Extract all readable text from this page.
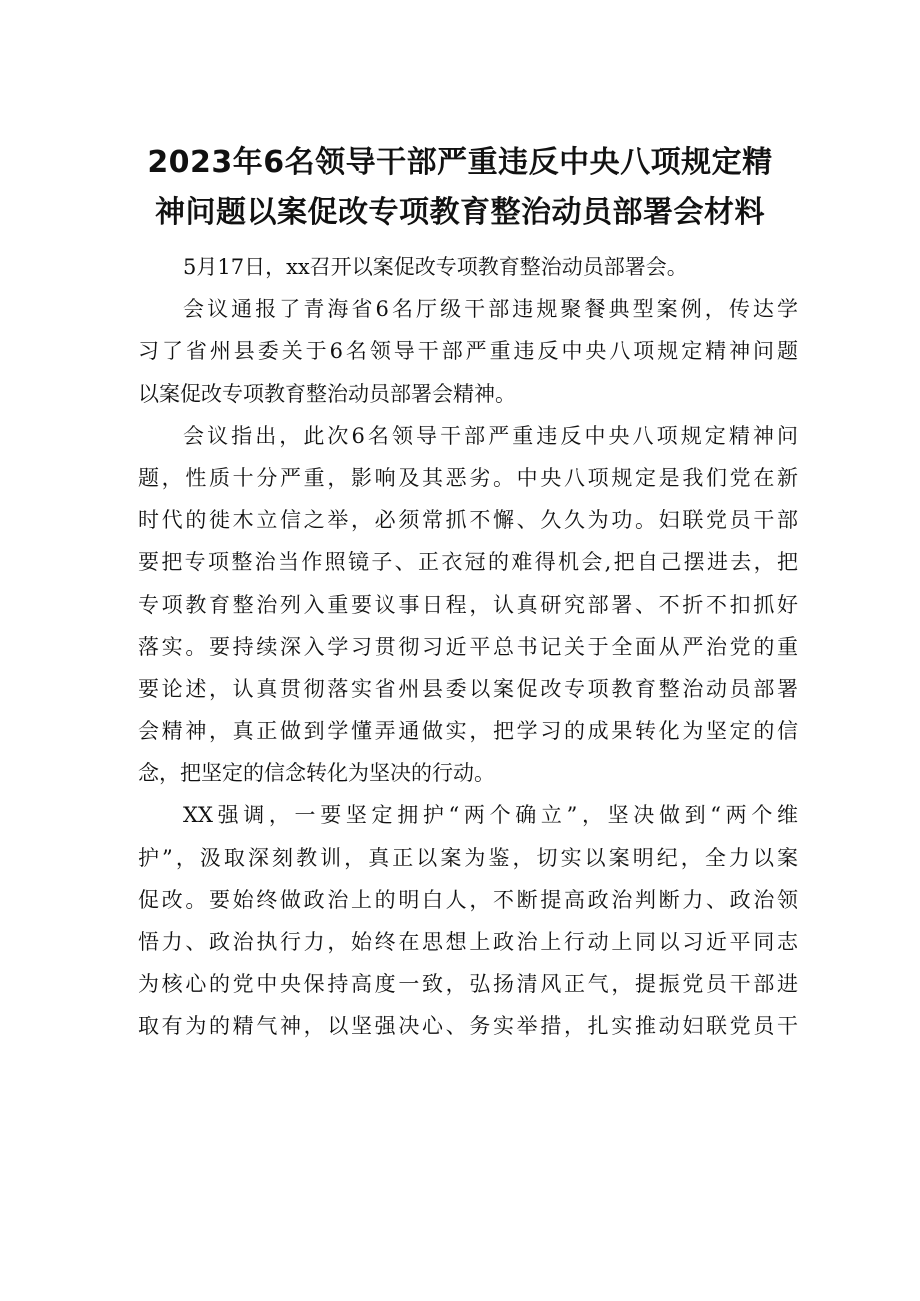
2023年6名领导干部严重违反中央八项规定精
神问题以案促改专项教育整治动员部署会材料
5月17日，xx召开以案促改专项教育整治动员部署会。
会议通报了青海省6名厅级干部违规聚餐典型案例，传达学
习了省州县委关于6名领导干部严重违反中央八项规定精神问题
以案促改专项教育整治动员部署会精神。
会议指出，此次6名领导干部严重违反中央八项规定精神问
题，性质十分严重，影响及其恶劣。中央八项规定是我们党在新
时代的徙木立信之举，必须常抓不懈、久久为功。妇联党员干部
要把专项整治当作照镜子、正衣冠的难得机会,把自己摆进去，把
专项教育整治列入重要议事日程，认真研究部署、不折不扣抓好
落实。要持续深入学习贯彻习近平总书记关于全面从严治党的重
要论述，认真贯彻落实省州县委以案促改专项教育整治动员部署
会精神，真正做到学懂弄通做实，把学习的成果转化为坚定的信
念，把坚定的信念转化为坚决的行动。
XX强调，一要坚定拥护“两个确立”，坚决做到“两个维
护”，汲取深刻教训，真正以案为鉴，切实以案明纪，全力以案
促改。要始终做政治上的明白人，不断提高政治判断力、政治领
悟力、政治执行力，始终在思想上政治上行动上同以习近平同志
为核心的党中央保持高度一致，弘扬清风正气，提振党员干部进
取有为的精气神，以坚强决心、务实举措，扎实推动妇联党员干
